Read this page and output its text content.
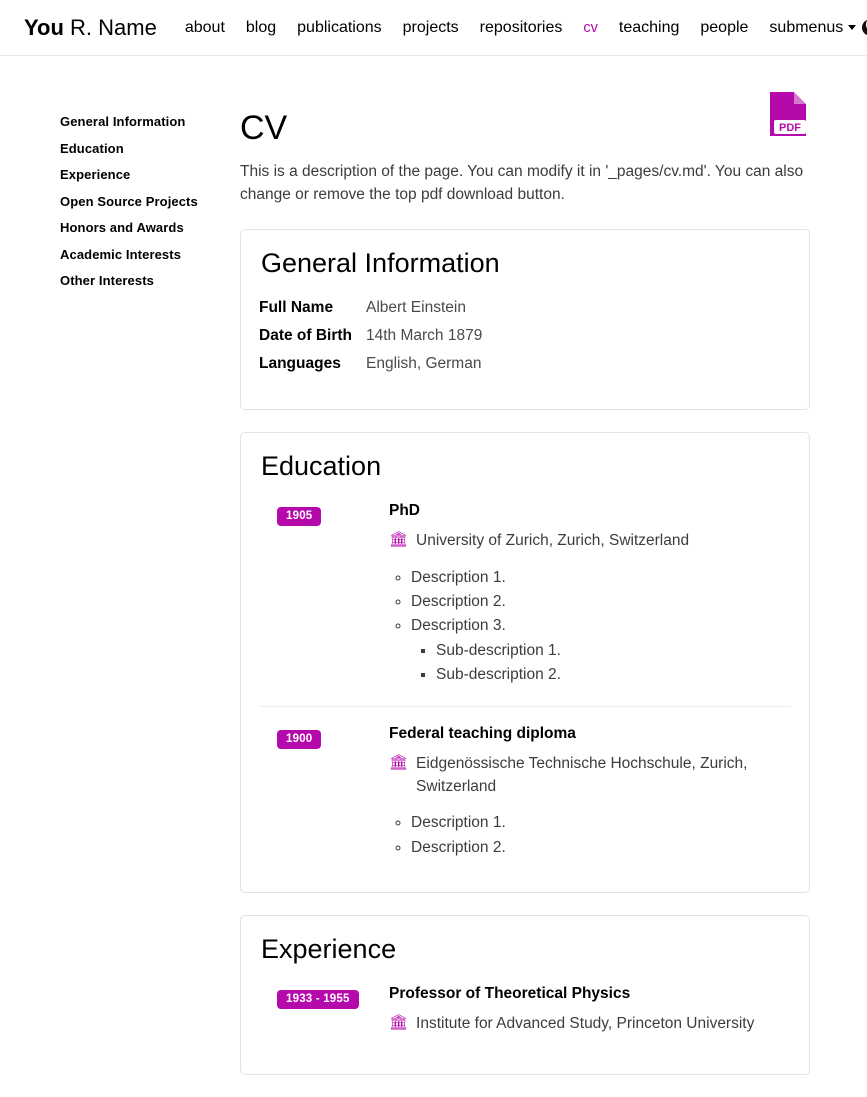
You R. Name about blog publications projects repositories cv teaching people submenus
General Information
Education
Experience
Open Source Projects
Honors and Awards
Academic Interests
Other Interests
CV	PDF

This is a description of the page. You can modify it in '_pages/cv.md'. You can also change or remove the top pdf download button.

General Information
Full Name	Albert Einstein
Date of Birth	14th March 1879
Languages	English, German
Education
1905	PhD
🏛 University of Zurich, Zurich, Switzerland
◦ Description 1.
◦ Description 2.
◦ Description 3.
▪ Sub-description 1.
▪ Sub-description 2.
1900	Federal teaching diploma
🏛 Eidgenössische Technische Hochschule, Zurich, Switzerland
◦ Description 1.
◦ Description 2.
Experience
1933 - 1955	Professor of Theoretical Physics
🏛 Institute for Advanced Study, Princeton University
